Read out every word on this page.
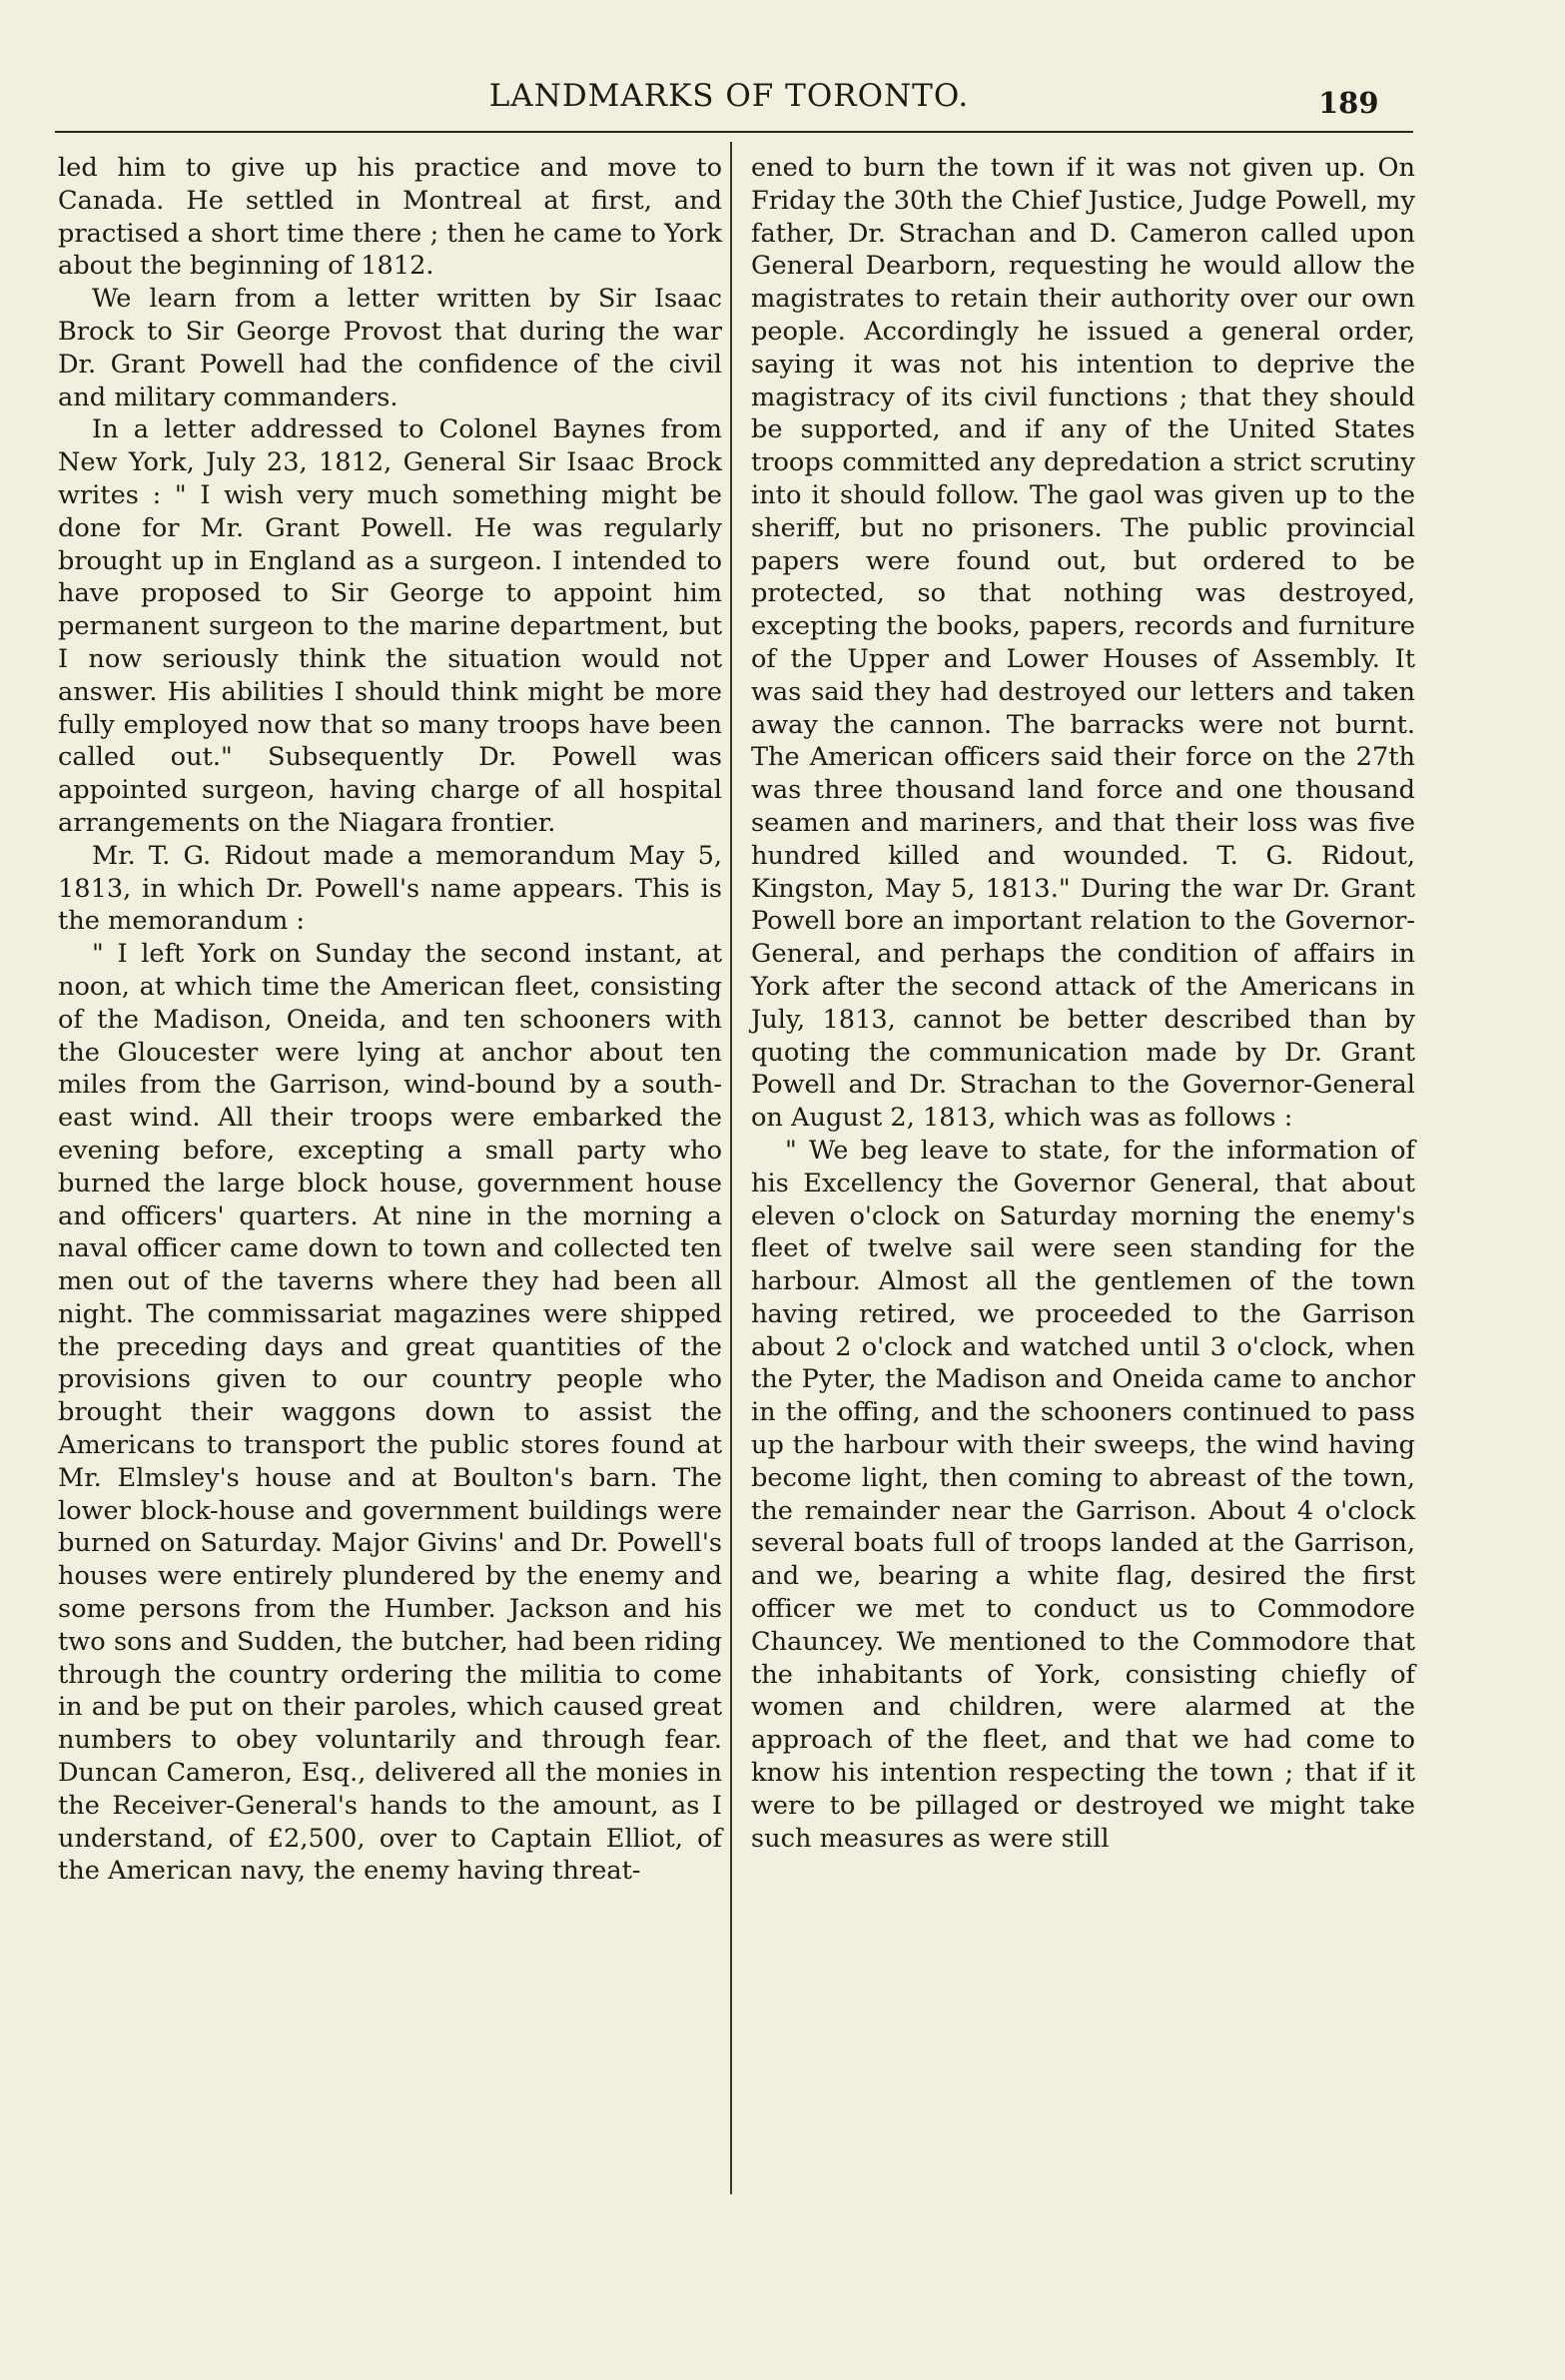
LANDMARKS OF TORONTO.	189

led him to give up his practice and move to Canada. He settled in Montreal at first, and practised a short time there ; then he came to York about the beginning of 1812.

We learn from a letter written by Sir Isaac Brock to Sir George Provost that during the war Dr. Grant Powell had the confidence of the civil and military commanders.

In a letter addressed to Colonel Baynes from New York, July 23, 1812, General Sir Isaac Brock writes : " I wish very much something might be done for Mr. Grant Powell. He was regularly brought up in England as a surgeon. I intended to have proposed to Sir George to appoint him permanent surgeon to the marine department, but I now seriously think the situation would not answer. His abilities I should think might be more fully employed now that so many troops have been called out." Subsequently Dr. Powell was appointed surgeon, having charge of all hospital arrangements on the Niagara frontier.

Mr. T. G. Ridout made a memorandum May 5, 1813, in which Dr. Powell's name appears. This is the memorandum :

" I left York on Sunday the second instant, at noon, at which time the American fleet, consisting of the Madison, Oneida, and ten schooners with the Gloucester were lying at anchor about ten miles from the Garrison, wind-bound by a south-east wind. All their troops were embarked the evening before, excepting a small party who burned the large block house, government house and officers' quarters. At nine in the morning a naval officer came down to town and collected ten men out of the taverns where they had been all night. The commissariat magazines were shipped the preceding days and great quantities of the provisions given to our country people who brought their waggons down to assist the Americans to transport the public stores found at Mr. Elmsley's house and at Boulton's barn. The lower block-house and government buildings were burned on Saturday. Major Givins' and Dr. Powell's houses were entirely plundered by the enemy and some persons from the Humber. Jackson and his two sons and Sudden, the butcher, had been riding through the country ordering the militia to come in and be put on their paroles, which caused great numbers to obey voluntarily and through fear. Duncan Cameron, Esq., delivered all the monies in the Receiver-General's hands to the amount, as I understand, of £2,500, over to Captain Elliot, of the American navy, the enemy having threat-

ened to burn the town if it was not given up. On Friday the 30th the Chief Justice, Judge Powell, my father, Dr. Strachan and D. Cameron called upon General Dearborn, requesting he would allow the magistrates to retain their authority over our own people. Accordingly he issued a general order, saying it was not his intention to deprive the magistracy of its civil functions ; that they should be supported, and if any of the United States troops committed any depredation a strict scrutiny into it should follow. The gaol was given up to the sheriff, but no prisoners. The public provincial papers were found out, but ordered to be protected, so that nothing was destroyed, excepting the books, papers, records and furniture of the Upper and Lower Houses of Assembly. It was said they had destroyed our letters and taken away the cannon. The barracks were not burnt. The American officers said their force on the 27th was three thousand land force and one thousand seamen and mariners, and that their loss was five hundred killed and wounded. T. G. Ridout, Kingston, May 5, 1813." During the war Dr. Grant Powell bore an important relation to the Governor-General, and perhaps the condition of affairs in York after the second attack of the Americans in July, 1813, cannot be better described than by quoting the communication made by Dr. Grant Powell and Dr. Strachan to the Governor-General on August 2, 1813, which was as follows :

" We beg leave to state, for the information of his Excellency the Governor General, that about eleven o'clock on Saturday morning the enemy's fleet of twelve sail were seen standing for the harbour. Almost all the gentlemen of the town having retired, we proceeded to the Garrison about 2 o'clock and watched until 3 o'clock, when the Pyter, the Madison and Oneida came to anchor in the offing, and the schooners continued to pass up the harbour with their sweeps, the wind having become light, then coming to abreast of the town, the remainder near the Garrison. About 4 o'clock several boats full of troops landed at the Garrison, and we, bearing a white flag, desired the first officer we met to conduct us to Commodore Chauncey. We mentioned to the Commodore that the inhabitants of York, consisting chiefly of women and children, were alarmed at the approach of the fleet, and that we had come to know his intention respecting the town ; that if it were to be pillaged or destroyed we might take such measures as were still
